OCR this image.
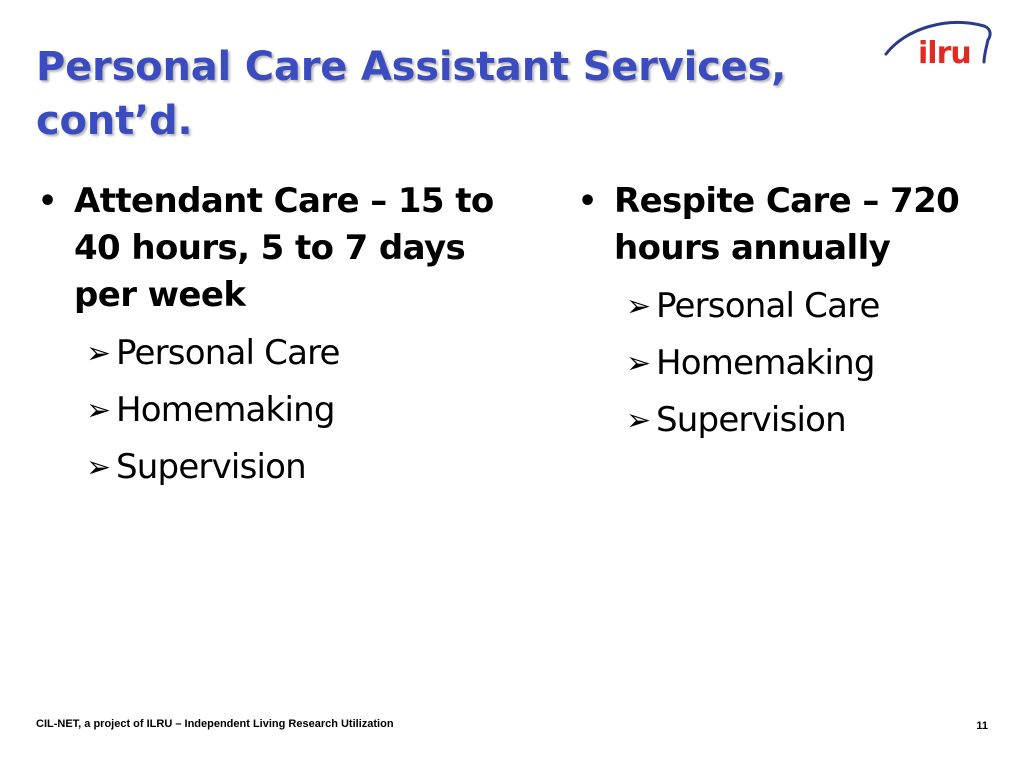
Personal Care Assistant Services,
cont’d.
ilru
• Attendant Care – 15 to 40 hours, 5 to 7 days per week
➢ Personal Care
➢ Homemaking
➢ Supervision
• Respite Care – 720 hours annually
➢ Personal Care
➢ Homemaking
➢ Supervision
CIL-NET, a project of ILRU – Independent Living Research Utilization	11
